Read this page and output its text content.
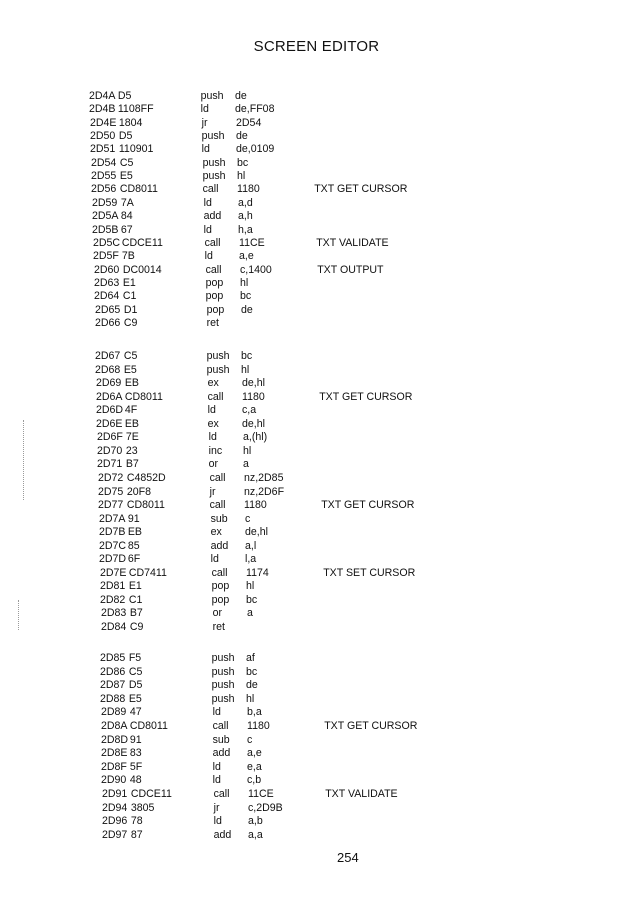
SCREEN EDITOR
2D4A D5	push de
2D4B 1108FF	ld de,FF08
2D4E 1804	jr	2D54
2D50 D5	push de
2D51 110901	ld de,0109
2D54 C5	push bc
2D55 E5	push hl
2D56 CD8011	call 1180	TXT GET CURSOR
2D59 7A	ld a,d
2D5A 84	add a,h
2D5B 67	ld h,a
2D5C CDCE11	call 11CE	TXT VALIDATE
2D5F 7B	ld a,e
2D60 DC0014	call c,1400	TXT OUTPUT
2D63 E1	pop hl
2D64 C1	pop bc
2D65 D1	pop de
2D66 C9	ret
2D67 C5	push bc
2D68 E5	push hl
2D69 EB	ex de,hl
2D6A CD8011	call 1180	TXT GET CURSOR
2D6D 4F	ld c,a
2D6E EB	ex de,hl
2D6F 7E	ld a,(hl)
2D70 23	inc hl
2D71 B7	or a
2D72 C4852D	call nz,2D85
2D75 20F8	jr	nz,2D6F
2D77 CD8011	call 1180	TXT GET CURSOR
2D7A 91	sub c
2D7B EB	ex de,hl
2D7C 85	add a,l
2D7D 6F	ld l,a
2D7E CD7411	call 1174	TXT SET CURSOR
2D81 E1	pop hl
2D82 C1	pop bc
2D83 B7	or a
2D84 C9	ret
2D85 F5	push af
2D86 C5	push bc
2D87 D5	push de
2D88 E5	push hl
2D89 47	ld b,a
2D8A CD8011	call 1180	TXT GET CURSOR
2D8D 91	sub c
2D8E 83	add a,e
2D8F 5F	ld e,a
2D90 48	ld c,b
2D91 CDCE11	call 11CE	TXT VALIDATE
2D94 3805	jr	c,2D9B
2D96 78	ld a,b
2D97 87	add a,a
254
